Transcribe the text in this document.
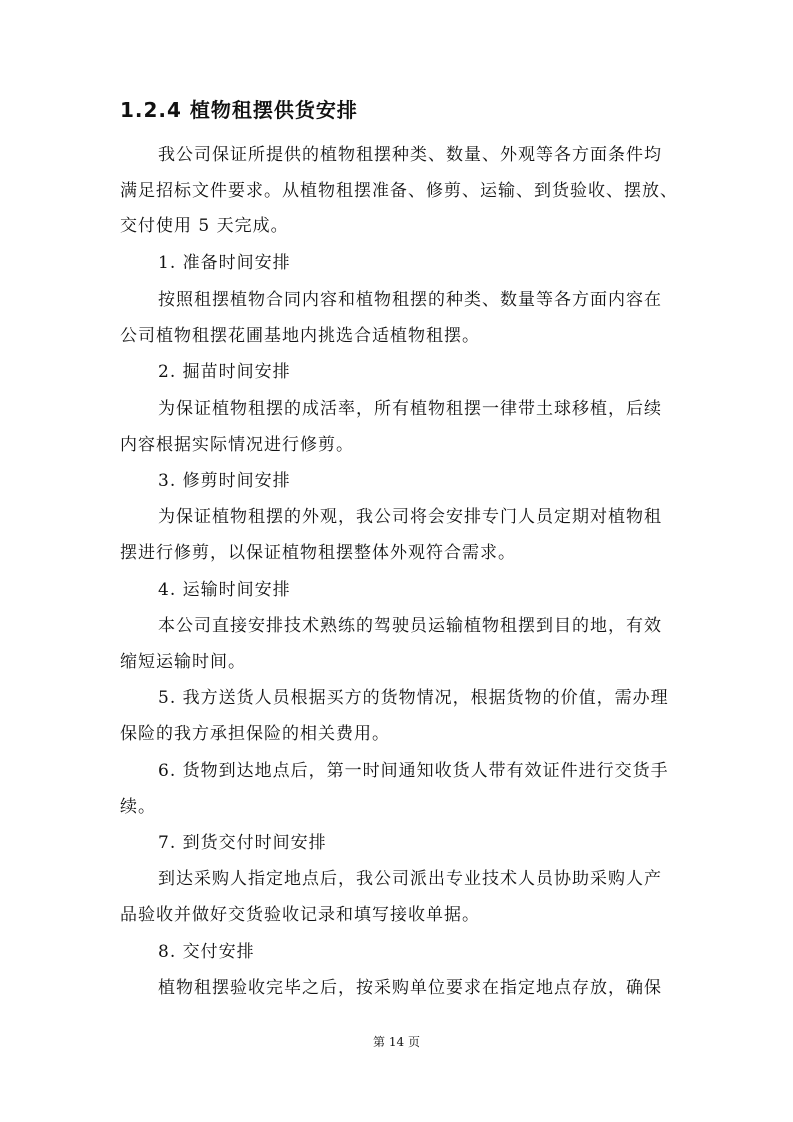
1.2.4 植物租摆供货安排
我公司保证所提供的植物租摆种类、数量、外观等各方面条件均
满足招标文件要求。从植物租摆准备、修剪、运输、到货验收、摆放、
交付使用 5 天完成。
1. 准备时间安排
按照租摆植物合同内容和植物租摆的种类、数量等各方面内容在
公司植物租摆花圃基地内挑选合适植物租摆。
2. 掘苗时间安排
为保证植物租摆的成活率，所有植物租摆一律带土球移植，后续
内容根据实际情况进行修剪。
3. 修剪时间安排
为保证植物租摆的外观，我公司将会安排专门人员定期对植物租
摆进行修剪，以保证植物租摆整体外观符合需求。
4. 运输时间安排
本公司直接安排技术熟练的驾驶员运输植物租摆到目的地，有效
缩短运输时间。
5. 我方送货人员根据买方的货物情况，根据货物的价值，需办理
保险的我方承担保险的相关费用。
6. 货物到达地点后，第一时间通知收货人带有效证件进行交货手
续。
7. 到货交付时间安排
到达采购人指定地点后，我公司派出专业技术人员协助采购人产
品验收并做好交货验收记录和填写接收单据。
8. 交付安排
植物租摆验收完毕之后，按采购单位要求在指定地点存放，确保
第 14 页
